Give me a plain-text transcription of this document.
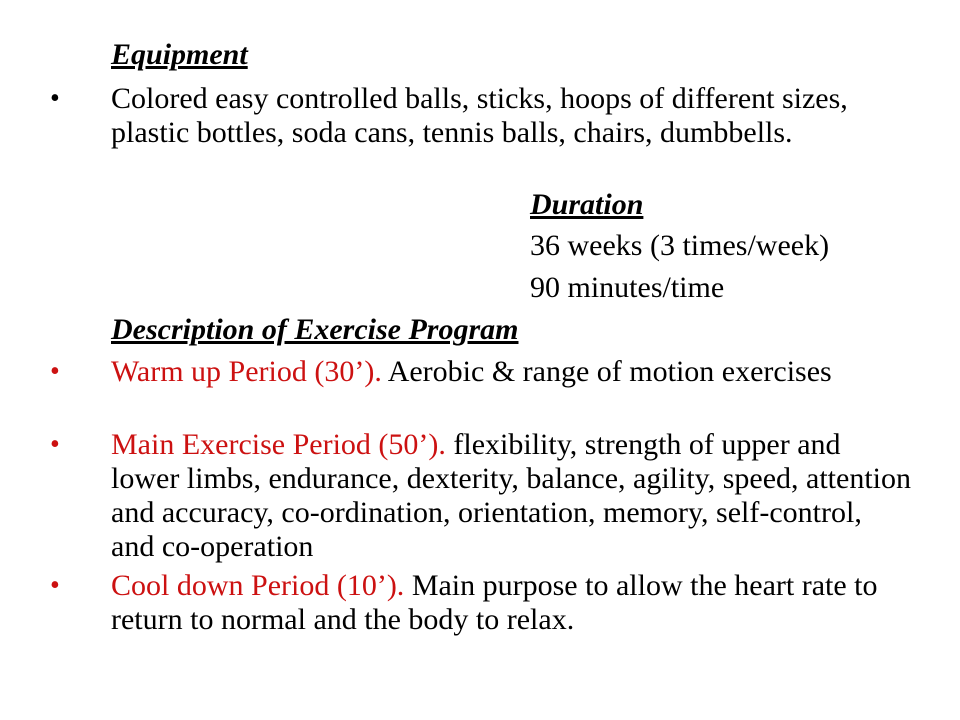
Equipment
• Colored easy controlled balls, sticks, hoops of different sizes, plastic bottles, soda cans, tennis balls, chairs, dumbbells.
Duration
36 weeks (3 times/week)
90 minutes/time
Description of Exercise Program
• Warm up Period (30’). Aerobic & range of motion exercises
• Main Exercise Period (50’). flexibility, strength of upper and lower limbs, endurance, dexterity, balance, agility, speed, attention and accuracy, co-ordination, orientation, memory, self-control, and co-operation
• Cool down Period (10’). Main purpose to allow the heart rate to return to normal and the body to relax.
